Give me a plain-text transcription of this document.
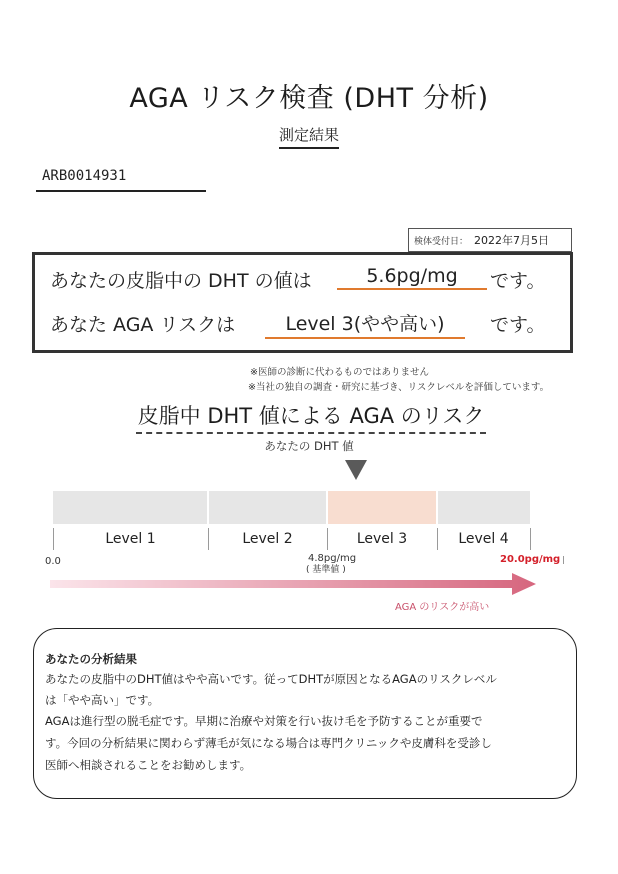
AGA リスク検査 (DHT 分析)
測定結果
ARB0014931
検体受付日： 2022年7月5日
あなたの皮脂中の DHT の値は	5.6pg/mg	です。
あなた AGA リスクは	Level 3(やや高い)	です。
※医師の診断に代わるものではありません
※当社の独自の調査・研究に基づき、リスクレベルを評価しています。
皮脂中 DHT 値による AGA のリスク
あなたの DHT 値
Level 1	Level 2	Level 3	Level 4
0.0	4.8pg/mg
( 基準値 )
20.0pg/mg
AGA のリスクが高い
あなたの分析結果
あなたの皮脂中のDHT値はやや高いです。従ってDHTが原因となるAGAのリスクレベル
は「やや高い」です。
AGAは進行型の脱毛症です。早期に治療や対策を行い抜け毛を予防することが重要で
す。今回の分析結果に関わらず薄毛が気になる場合は専門クリニックや皮膚科を受診し
医師へ相談されることをお勧めします。
